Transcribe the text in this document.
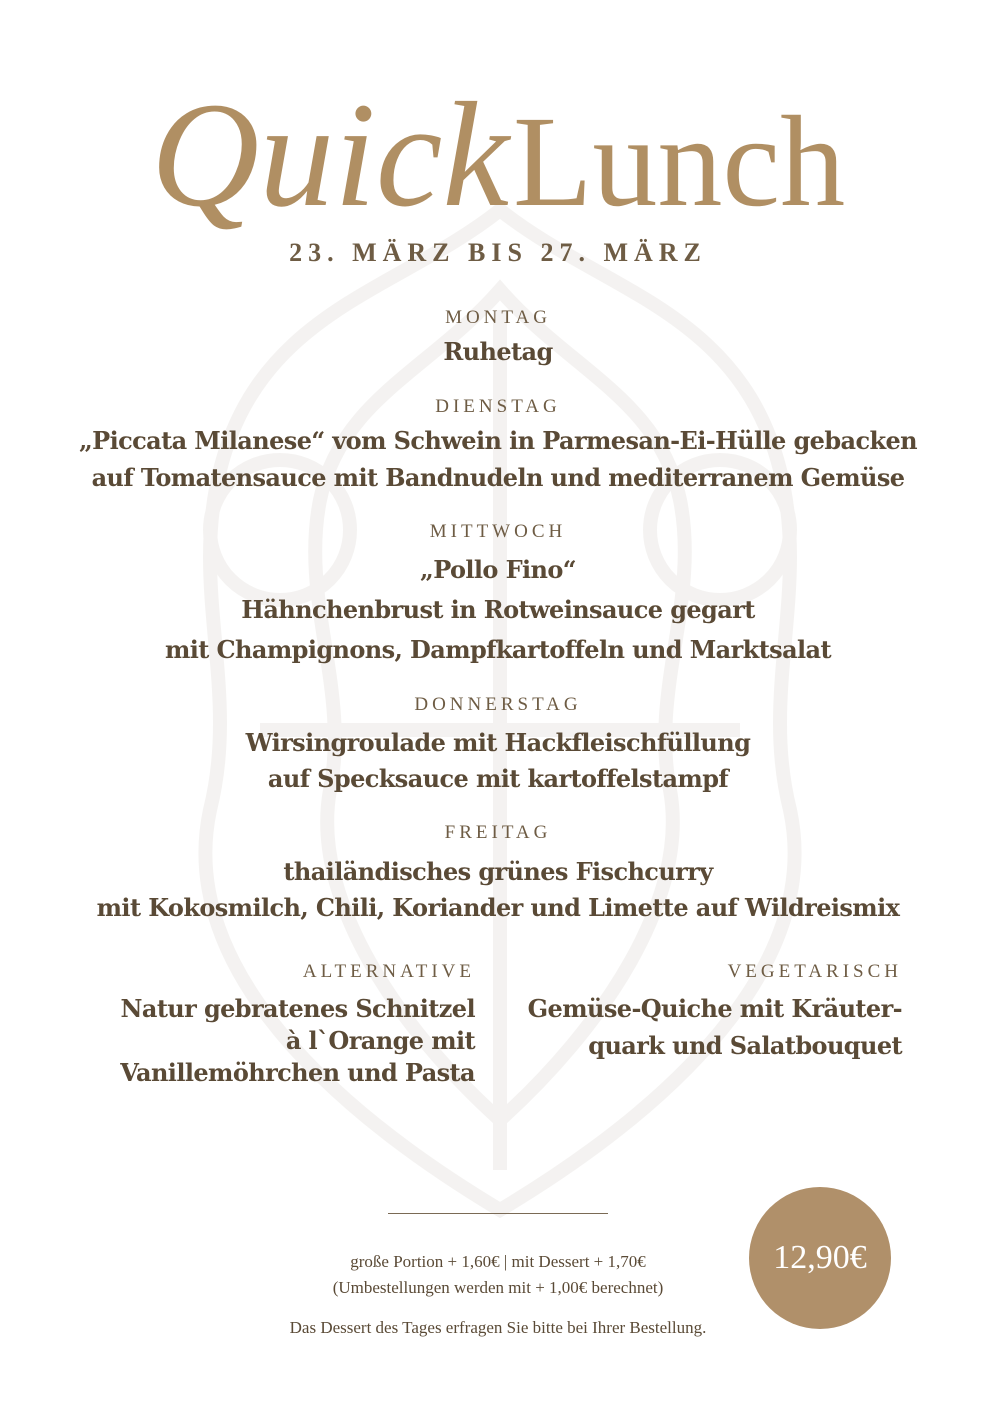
QuickLunch
23. MÄRZ BIS 27. MÄRZ
MONTAG
Ruhetag
DIENSTAG
„Piccata Milanese“ vom Schwein in Parmesan-Ei-Hülle gebacken
auf Tomatensauce mit Bandnudeln und mediterranem Gemüse
MITTWOCH
„Pollo Fino“
Hähnchenbrust in Rotweinsauce gegart
mit Champignons, Dampfkartoffeln und Marktsalat
DONNERSTAG
Wirsingroulade mit Hackfleischfüllung
auf Specksauce mit kartoffelstampf
FREITAG
thailändisches grünes Fischcurry
mit Kokosmilch, Chili, Koriander und Limette auf Wildreismix
ALTERNATIVE
Natur gebratenes Schnitzel
à l`Orange mit
Vanillemöhrchen und Pasta
VEGETARISCH
Gemüse-Quiche mit Kräuter-
quark und Salatbouquet
große Portion + 1,60€ | mit Dessert + 1,70€
(Umbestellungen werden mit + 1,00€ berechnet)
Das Dessert des Tages erfragen Sie bitte bei Ihrer Bestellung.
12,90€
